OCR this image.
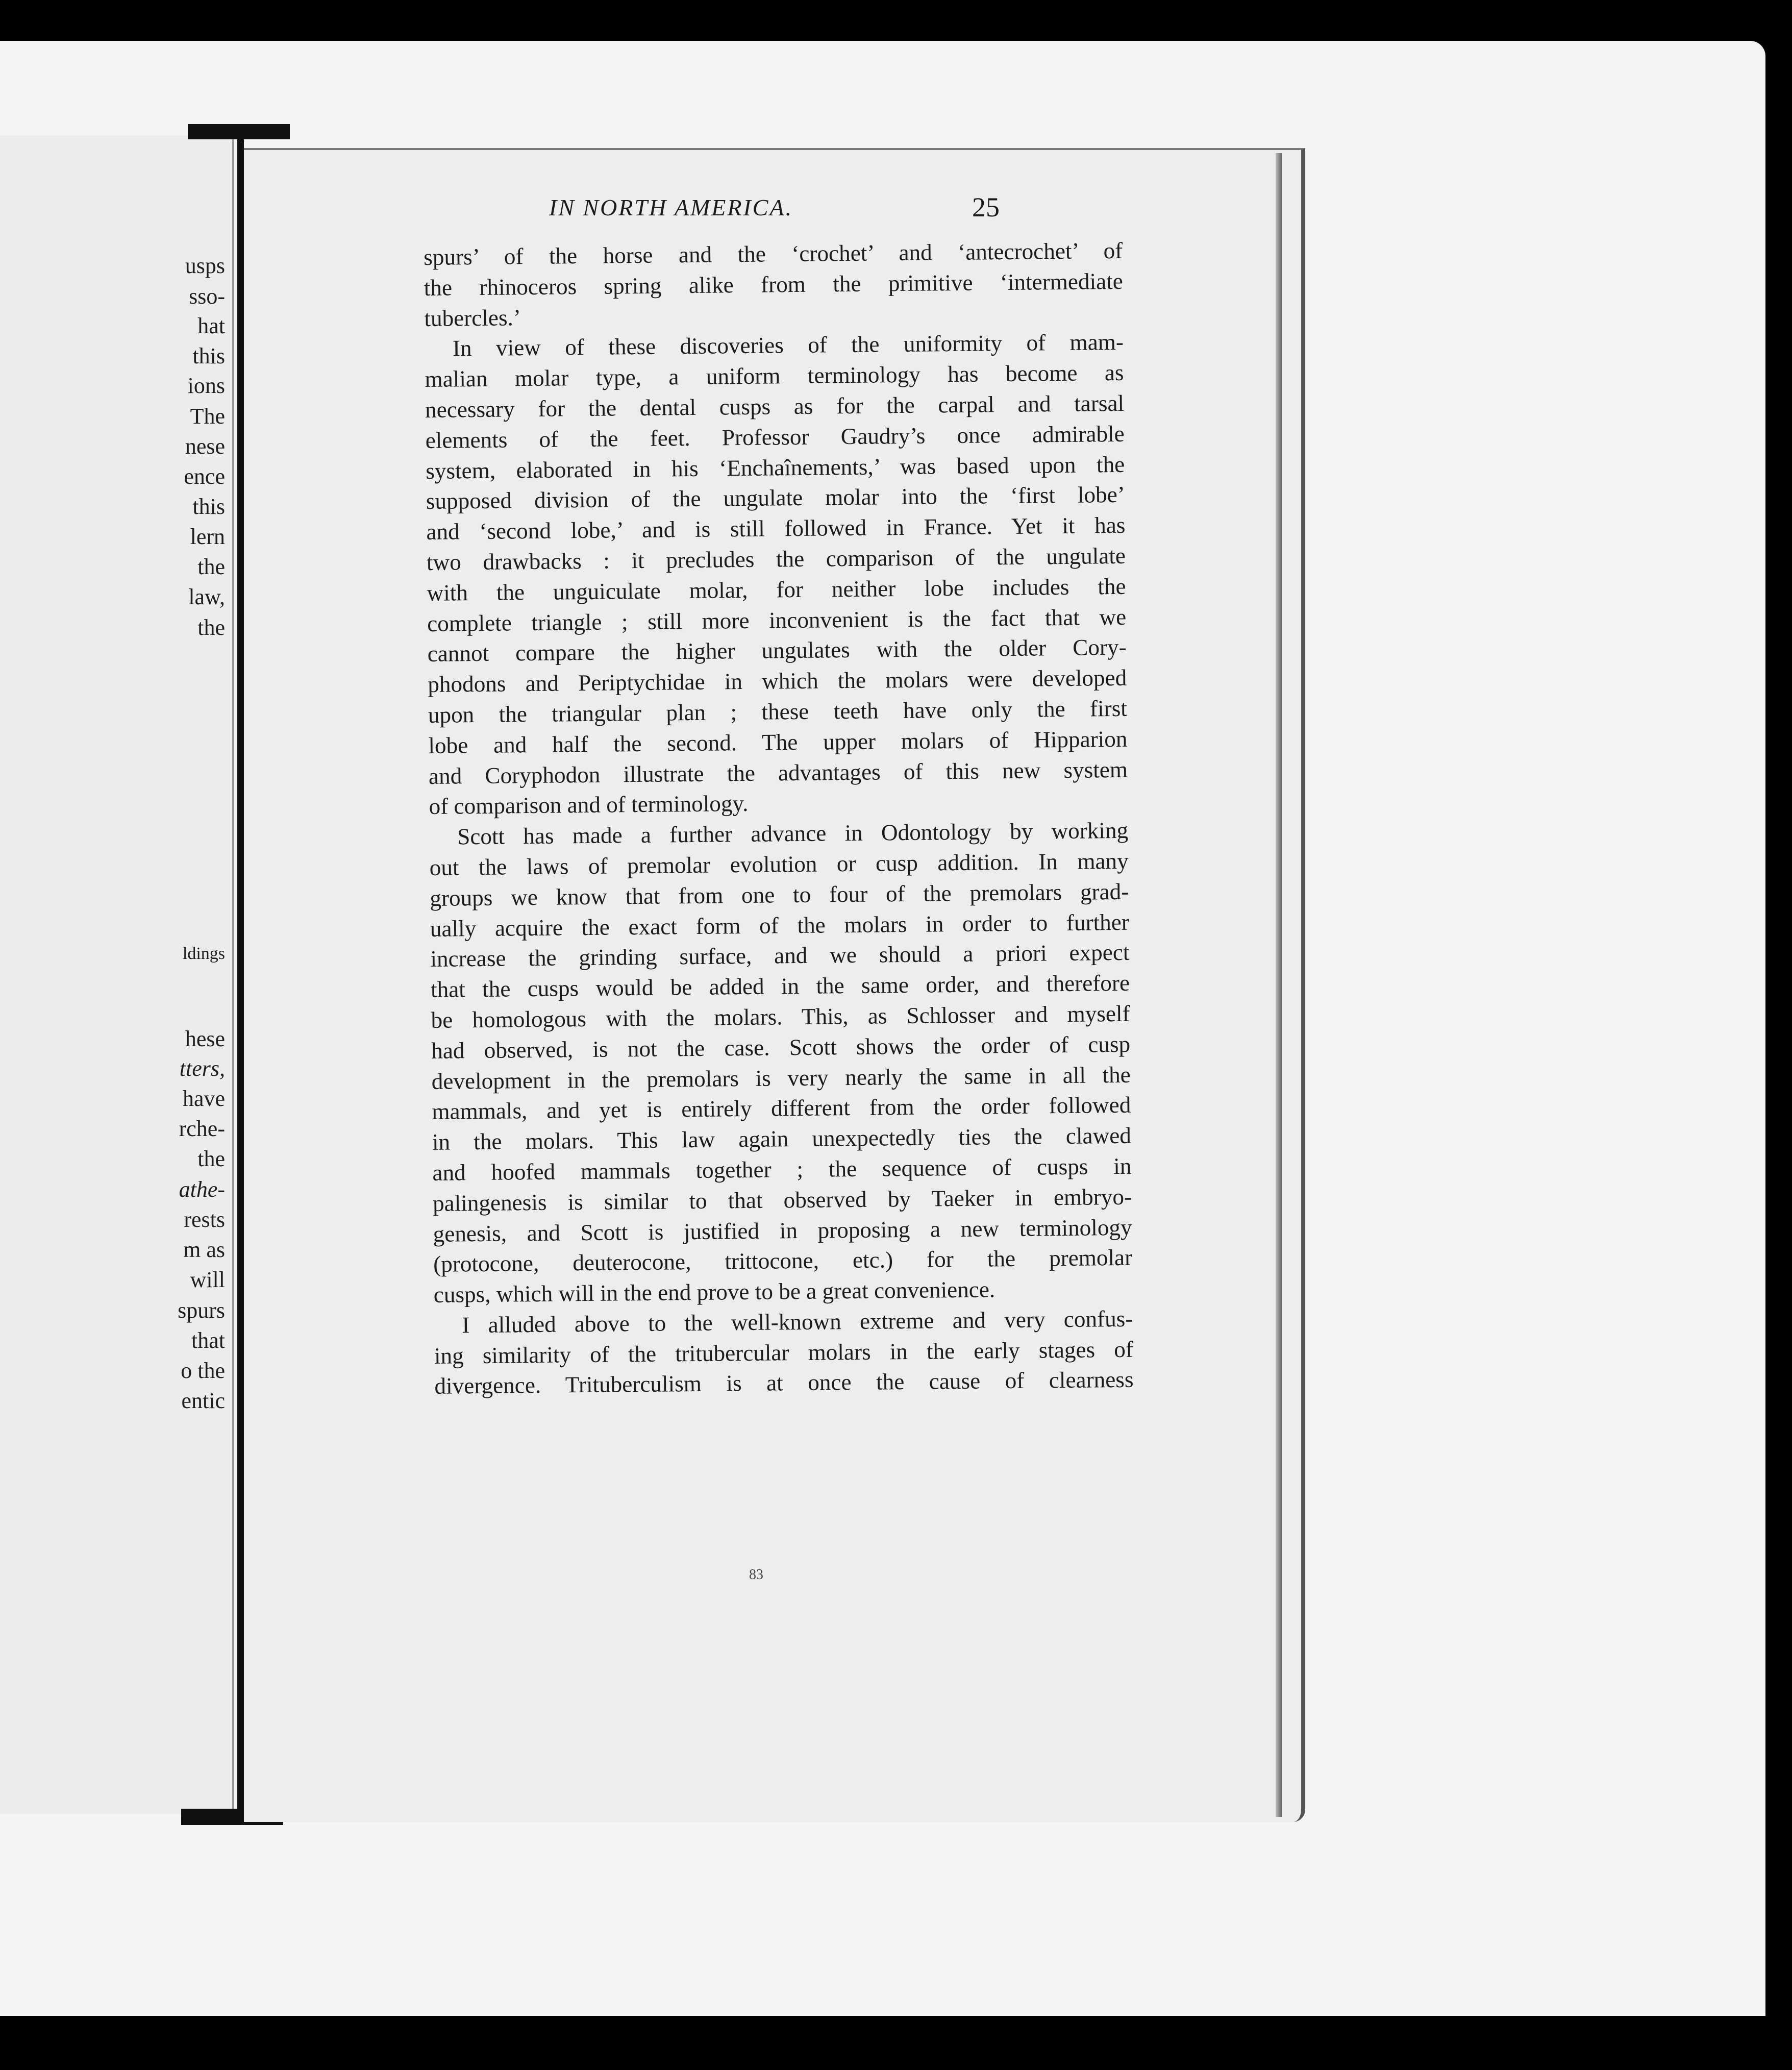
usps
sso-
hat
this
ions
The
nese
ence
this
lern
the
law,
the
ldings
hese
tters,
have
rche-
the
athe-
rests
m as
will
spurs
that
o the
entic
IN NORTH AMERICA.	25
spurs’ of the horse and the ‘crochet’ and ‘antecrochet’ of
the rhinoceros spring alike from the primitive ‘intermediate
tubercles.’
In view of these discoveries of the uniformity of mam-
malian molar type, a uniform terminology has become as
necessary for the dental cusps as for the carpal and tarsal
elements of the feet. Professor Gaudry’s once admirable
system, elaborated in his ‘Enchaînements,’ was based upon the
supposed division of the ungulate molar into the ‘first lobe’
and ‘second lobe,’ and is still followed in France. Yet it has
two drawbacks : it precludes the comparison of the ungulate
with the unguiculate molar, for neither lobe includes the
complete triangle ; still more inconvenient is the fact that we
cannot compare the higher ungulates with the older Cory-
phodons and Periptychidae in which the molars were developed
upon the triangular plan ; these teeth have only the first
lobe and half the second. The upper molars of Hipparion
and Coryphodon illustrate the advantages of this new system
of comparison and of terminology.
Scott has made a further advance in Odontology by working
out the laws of premolar evolution or cusp addition. In many
groups we know that from one to four of the premolars grad-
ually acquire the exact form of the molars in order to further
increase the grinding surface, and we should a priori expect
that the cusps would be added in the same order, and therefore
be homologous with the molars. This, as Schlosser and myself
had observed, is not the case. Scott shows the order of cusp
development in the premolars is very nearly the same in all the
mammals, and yet is entirely different from the order followed
in the molars. This law again unexpectedly ties the clawed
and hoofed mammals together ; the sequence of cusps in
palingenesis is similar to that observed by Taeker in embryo-
genesis, and Scott is justified in proposing a new terminology
(protocone, deuterocone, trittocone, etc.) for the premolar
cusps, which will in the end prove to be a great convenience.
I alluded above to the well-known extreme and very confus-
ing similarity of the tritubercular molars in the early stages of
divergence. Trituberculism is at once the cause of clearness
83
